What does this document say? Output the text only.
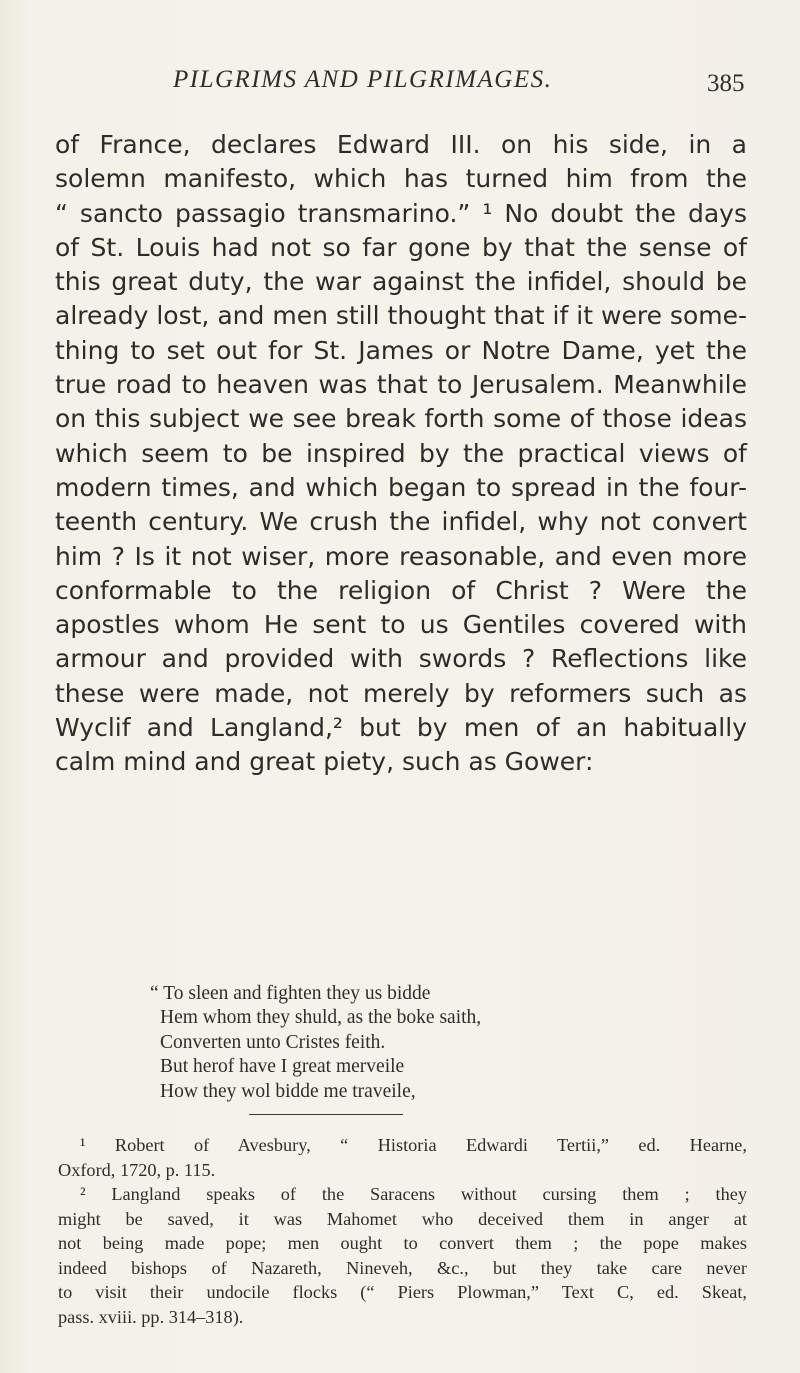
PILGRIMS AND PILGRIMAGES.	385
of France, declares Edward III. on his side, in a
solemn manifesto, which has turned him from the
“ sancto passagio transmarino.” ¹ No doubt the days
of St. Louis had not so far gone by that the sense of
this great duty, the war against the infidel, should be
already lost, and men still thought that if it were some-
thing to set out for St. James or Notre Dame, yet the
true road to heaven was that to Jerusalem. Meanwhile
on this subject we see break forth some of those ideas
which seem to be inspired by the practical views of
modern times, and which began to spread in the four-
teenth century. We crush the infidel, why not convert
him ? Is it not wiser, more reasonable, and even more
conformable to the religion of Christ ? Were the
apostles whom He sent to us Gentiles covered with
armour and provided with swords ? Reflections like
these were made, not merely by reformers such as
Wyclif and Langland,² but by men of an habitually
calm mind and great piety, such as Gower:
“ To sleen and fighten they us bidde
Hem whom they shuld, as the boke saith,
Converten unto Cristes feith.
But herof have I great merveile
How they wol bidde me traveile,
¹ Robert of Avesbury, “ Historia Edwardi Tertii,” ed. Hearne,
Oxford, 1720, p. 115.
² Langland speaks of the Saracens without cursing them ; they
might be saved, it was Mahomet who deceived them in anger at
not being made pope; men ought to convert them ; the pope makes
indeed bishops of Nazareth, Nineveh, &c., but they take care never
to visit their undocile flocks (“ Piers Plowman,” Text C, ed. Skeat,
pass. xviii. pp. 314–318).
